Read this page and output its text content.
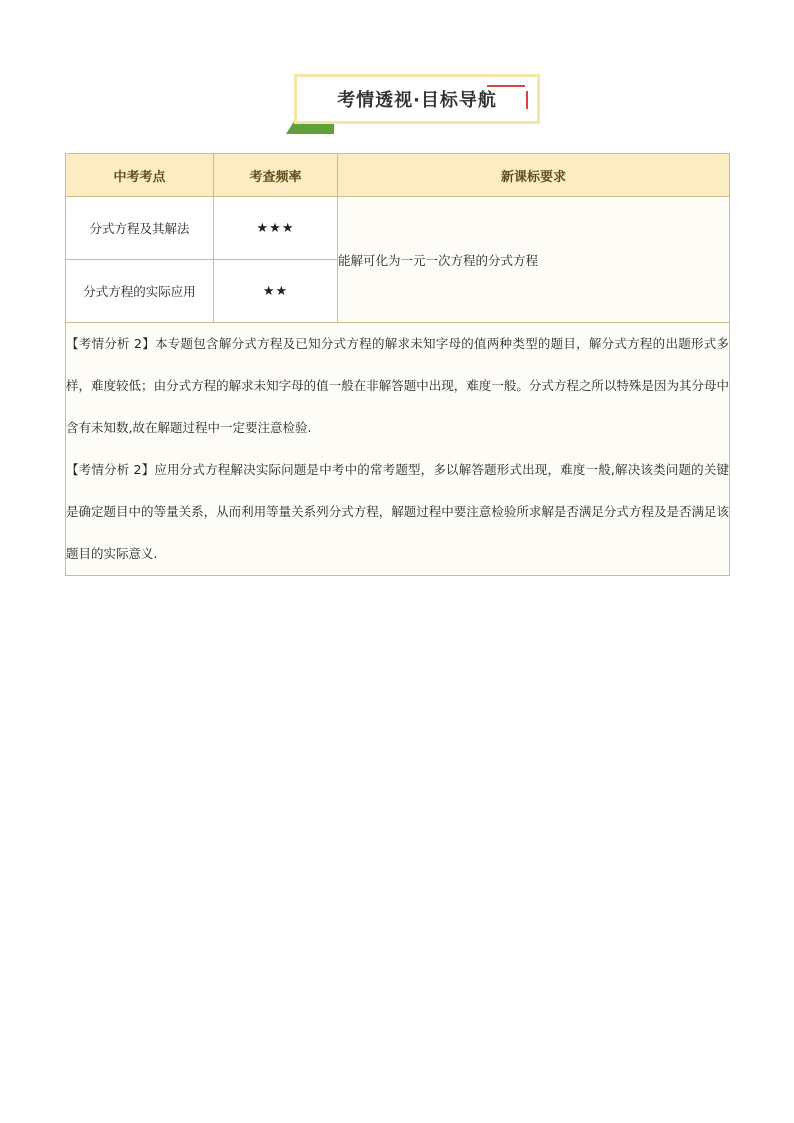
考情透视·目标导航
中考考点	考查频率	新课标要求
分式方程及其解法	★★★	能解可化为一元一次方程的分式方程
分式方程的实际应用	★★	

【考情分析 2】本专题包含解分式方程及已知分式方程的解求未知字母的值两种类型的题目，解分式方程的出题形式多样，难度较低；由分式方程的解求未知字母的值一般在非解答题中出现，难度一般。分式方程之所以特殊是因为其分母中含有未知数,故在解题过程中一定要注意检验.

【考情分析 2】应用分式方程解决实际问题是中考中的常考题型，多以解答题形式出现，难度一般,解决该类问题的关键是确定题目中的等量关系，从而利用等量关系列分式方程，解题过程中要注意检验所求解是否满足分式方程及是否满足该题目的实际意义.		
